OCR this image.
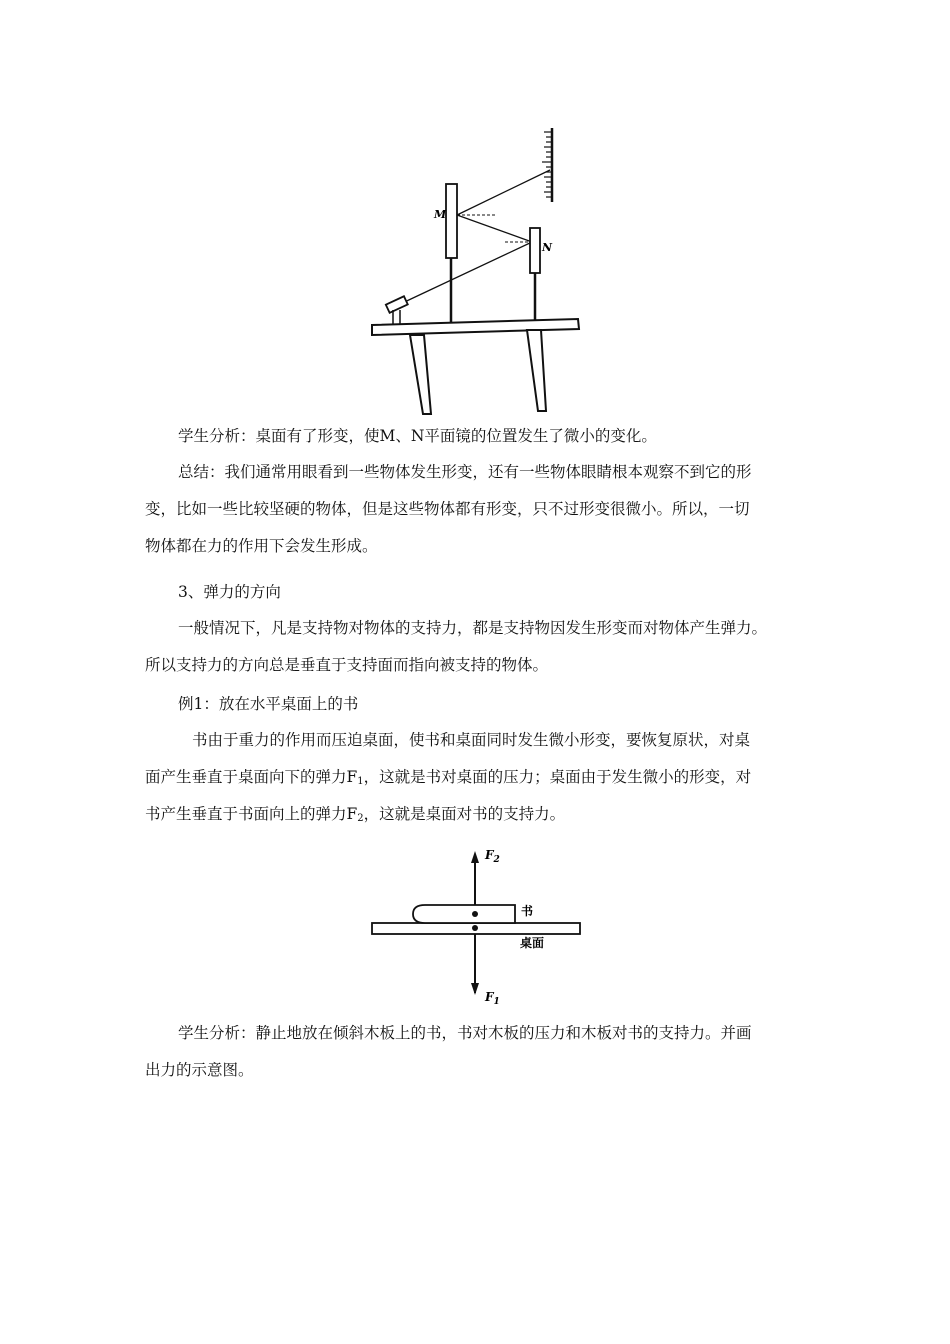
M
N

学生分析：桌面有了形变，使M、N平面镜的位置发生了微小的变化。

总结：我们通常用眼看到一些物体发生形变，还有一些物体眼睛根本观察不到它的形
变，比如一些比较坚硬的物体，但是这些物体都有形变，只不过形变很微小。所以，一切
物体都在力的作用下会发生形成。

3、弹力的方向

一般情况下，凡是支持物对物体的支持力，都是支持物因发生形变而对物体产生弹力。
所以支持力的方向总是垂直于支持面而指向被支持的物体。

例1：放在水平桌面上的书

书由于重力的作用而压迫桌面，使书和桌面同时发生微小形变，要恢复原状，对桌
面产生垂直于桌面向下的弹力$F_1$，这就是书对桌面的压力；桌面由于发生微小的形变，对
书产生垂直于书面向上的弹力$F_2$，这就是桌面对书的支持力。
$F_2$
$F_1$
书
桌面
学生分析：静止地放在倾斜木板上的书，书对木板的压力和木板对书的支持力。并画
出力的示意图。
